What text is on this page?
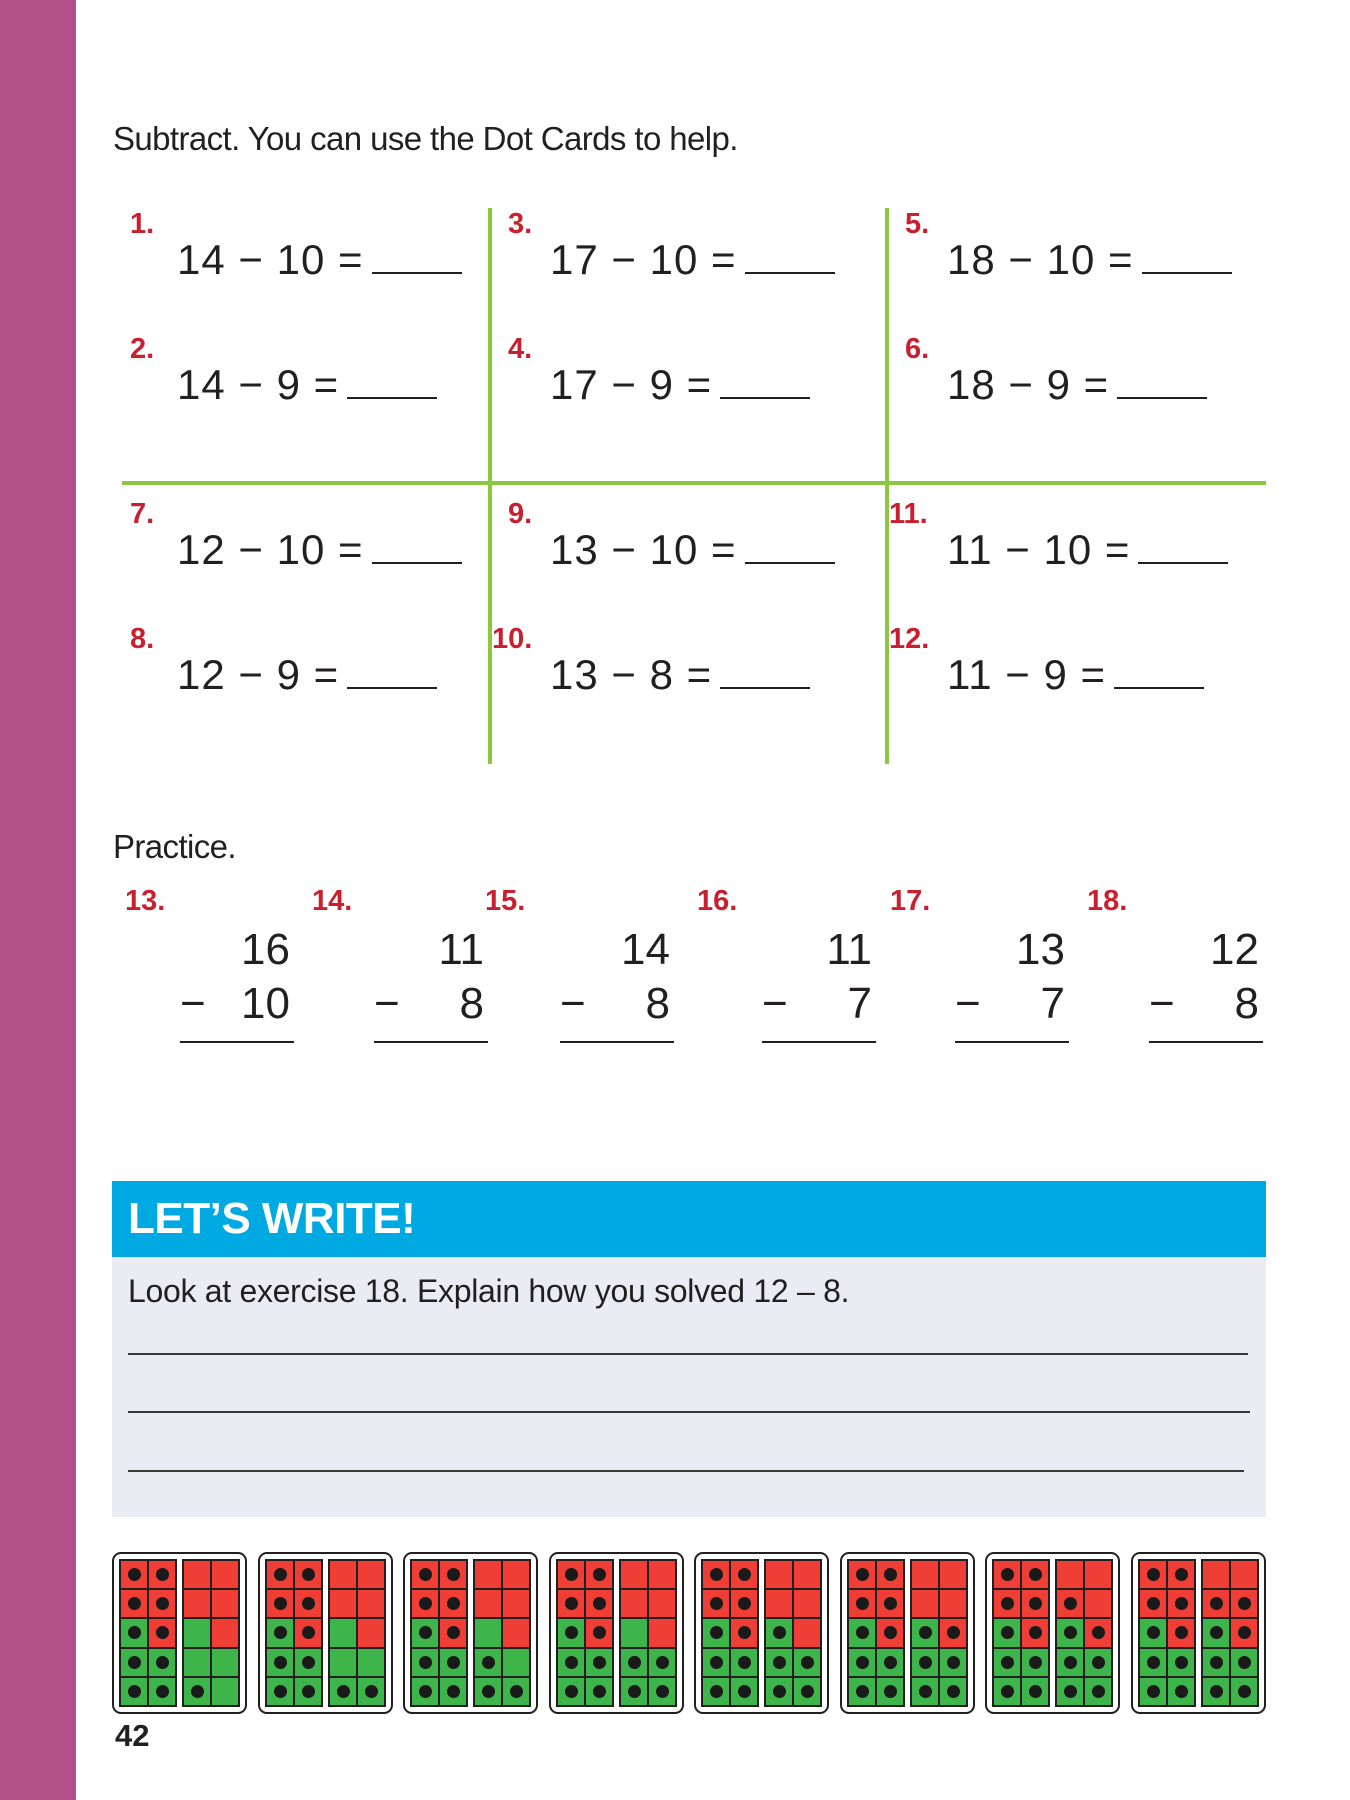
Subtract. You can use the Dot Cards to help.
1.
14 − 10 =
2.
14 − 9 =
3.
17 − 10 =
4.
17 − 9 =
5.
18 − 10 =
6.
18 − 9 =
7.
12 − 10 =
8.
12 − 9 =
9.
13 − 10 =
10.
13 − 8 =
11.
11 − 10 =
12.
11 − 9 =
Practice.
13.
16
− 10
14.
11
− 8
15.
14
− 8
16.
11
− 7
17.
13
− 7
18.
12
− 8
LET’S WRITE!
Look at exercise 18. Explain how you solved 12 – 8.
42
